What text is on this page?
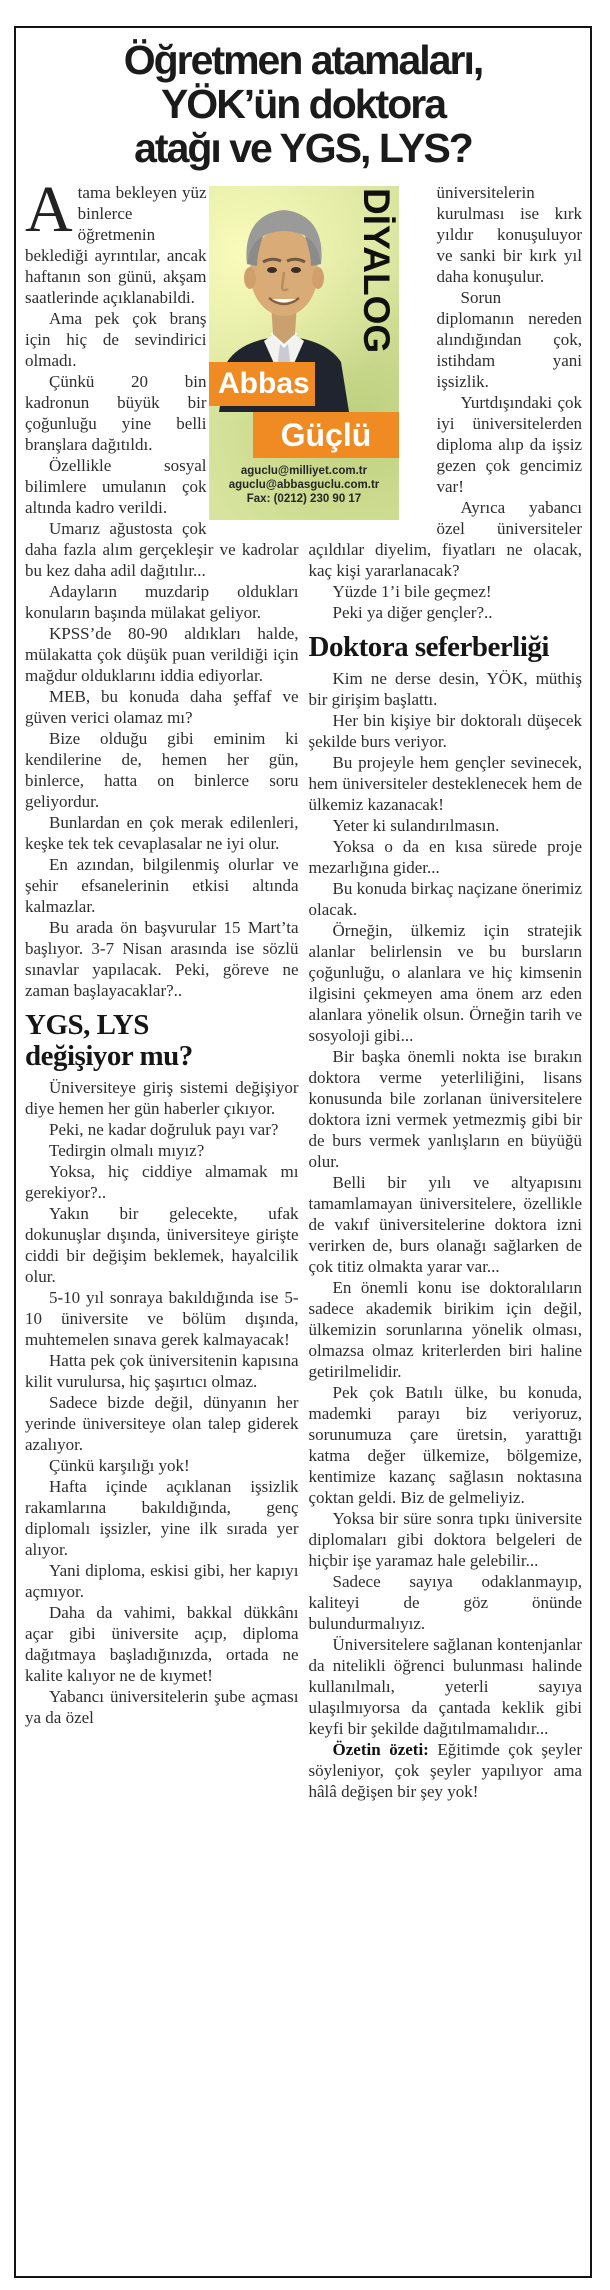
Öğretmen atamaları,
YÖK’ün doktora
atağı ve YGS, LYS?
DİYALOG
Abbas
Güçlü
aguclu@milliyet.com.tr
aguclu@abbasguclu.com.tr
Fax: (0212) 230 90 17

Atama bekleyen yüz binlerce öğretmenin beklediği ayrıntılar, ancak haftanın son günü, akşam saatlerinde açıklanabildi.

Ama pek çok branş için hiç de sevindirici olmadı.

Çünkü 20 bin kadronun büyük bir çoğunluğu yine belli branşlara dağıtıldı.

Özellikle sosyal bilimlere umulanın çok altında kadro verildi.

Umarız ağustosta çok daha fazla alım gerçekleşir ve kadrolar bu kez daha adil dağıtılır...

Adayların muzdarip oldukları konuların başında mülakat geliyor.

KPSS’de 80-90 aldıkları halde, mülakatta çok düşük puan verildiği için mağdur olduklarını iddia ediyorlar.

MEB, bu konuda daha şeffaf ve güven verici olamaz mı?

Bize olduğu gibi eminim ki kendilerine de, hemen her gün, binlerce, hatta on binlerce soru geliyordur.

Bunlardan en çok merak edilenleri, keşke tek tek cevaplasalar ne iyi olur.

En azından, bilgilenmiş olurlar ve şehir efsanelerinin etkisi altında kalmazlar.

Bu arada ön başvurular 15 Mart’ta başlıyor. 3-7 Nisan arasında ise sözlü sınavlar yapılacak. Peki, göreve ne zaman başlayacaklar?..

YGS, LYS değişiyor mu?

Üniversiteye giriş sistemi değişiyor diye hemen her gün haberler çıkıyor.

Peki, ne kadar doğruluk payı var?

Tedirgin olmalı mıyız?

Yoksa, hiç ciddiye almamak mı gerekiyor?..

Yakın bir gelecekte, ufak dokunuşlar dışında, üniversiteye girişte ciddi bir değişim beklemek, hayalcilik olur.

5-10 yıl sonraya bakıldığında ise 5-10 üniversite ve bölüm dışında, muhtemelen sınava gerek kalmayacak!

Hatta pek çok üniversitenin kapısına kilit vurulursa, hiç şaşırtıcı olmaz.

Sadece bizde değil, dünyanın her yerinde üniversiteye olan talep giderek azalıyor.

Çünkü karşılığı yok!

Hafta içinde açıklanan işsizlik rakamlarına bakıldığında, genç diplomalı işsizler, yine ilk sırada yer alıyor.

Yani diploma, eskisi gibi, her kapıyı açmıyor.

Daha da vahimi, bakkal dükkânı açar gibi üniversite açıp, diploma dağıtmaya başladığınızda, ortada ne kalite kalıyor ne de kıymet!

Yabancı üniversitelerin şube açması ya da özel

üniversitelerin kurulması ise kırk yıldır konuşuluyor ve sanki bir kırk yıl daha konuşulur.

Sorun diplomanın nereden alındığından çok, istihdam yani işsizlik.

Yurtdışındaki çok iyi üniversitelerden diploma alıp da işsiz gezen çok gencimiz var!

Ayrıca yabancı özel üniversiteler açıldılar diyelim, fiyatları ne olacak, kaç kişi yararlanacak?

Yüzde 1’i bile geçmez!

Peki ya diğer gençler?..

Doktora seferberliği

Kim ne derse desin, YÖK, müthiş bir girişim başlattı.

Her bin kişiye bir doktoralı düşecek şekilde burs veriyor.

Bu projeyle hem gençler sevinecek, hem üniversiteler desteklenecek hem de ülkemiz kazanacak!

Yeter ki sulandırılmasın.

Yoksa o da en kısa sürede proje mezarlığına gider...

Bu konuda birkaç naçizane önerimiz olacak.

Örneğin, ülkemiz için stratejik alanlar belirlensin ve bu bursların çoğunluğu, o alanlara ve hiç kimsenin ilgisini çekmeyen ama önem arz eden alanlara yönelik olsun. Örneğin tarih ve sosyoloji gibi...

Bir başka önemli nokta ise bırakın doktora verme yeterliliğini, lisans konusunda bile zorlanan üniversitelere doktora izni vermek yetmezmiş gibi bir de burs vermek yanlışların en büyüğü olur.

Belli bir yılı ve altyapısını tamamlamayan üniversitelere, özellikle de vakıf üniversitelerine doktora izni verirken de, burs olanağı sağlarken de çok titiz olmakta yarar var...

En önemli konu ise doktoralıların sadece akademik birikim için değil, ülkemizin sorunlarına yönelik olması, olmazsa olmaz kriterlerden biri haline getirilmelidir.

Pek çok Batılı ülke, bu konuda, mademki parayı biz veriyoruz, sorunumuza çare üretsin, yarattığı katma değer ülkemize, bölgemize, kentimize kazanç sağlasın noktasına çoktan geldi. Biz de gelmeliyiz.

Yoksa bir süre sonra tıpkı üniversite diplomaları gibi doktora belgeleri de hiçbir işe yaramaz hale gelebilir...

Sadece sayıya odaklanmayıp, kaliteyi de göz önünde bulundurmalıyız.

Üniversitelere sağlanan kontenjanlar da nitelikli öğrenci bulunması halinde kullanılmalı, yeterli sayıya ulaşılmıyorsa da çantada keklik gibi keyfi bir şekilde dağıtılmamalıdır...

Özetin özeti: Eğitimde çok şeyler söyleniyor, çok şeyler yapılıyor ama hâlâ değişen bir şey yok!
